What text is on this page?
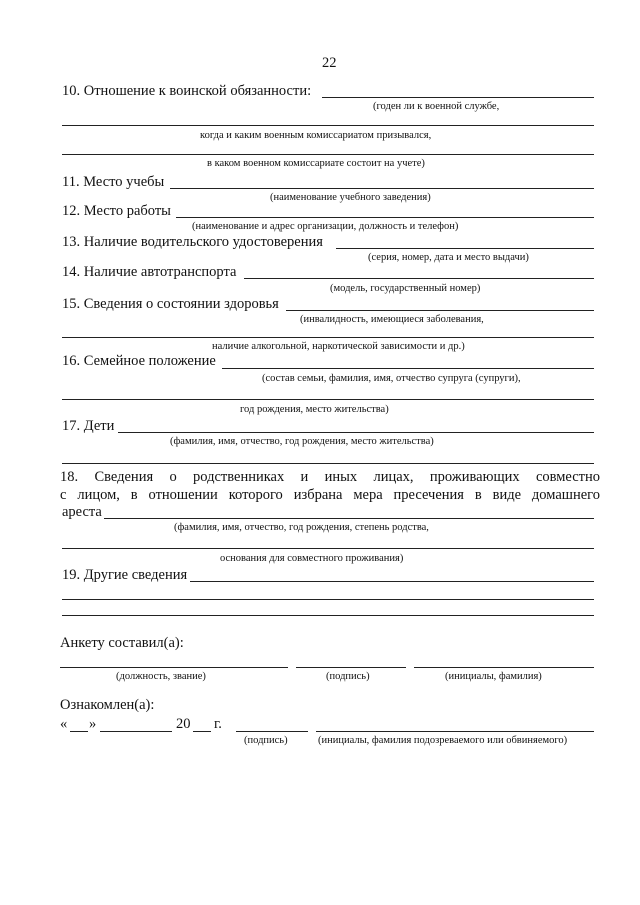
22
10. Отношение к воинской обязанности:
(годен ли к военной службе,
когда и каким военным комиссариатом призывался,
в каком военном комиссариате состоит на учете)
11. Место учебы
(наименование учебного заведения)
12. Место работы
(наименование и адрес организации, должность и телефон)
13. Наличие водительского удостоверения
(серия, номер, дата и место выдачи)
14. Наличие автотранспорта
(модель, государственный номер)
15. Сведения о состоянии здоровья
(инвалидность, имеющиеся заболевания,
наличие алкогольной, наркотической зависимости и др.)
16. Семейное положение
(состав семьи, фамилия, имя, отчество супруга (супруги),
год рождения, место жительства)
17. Дети
(фамилия, имя, отчество, год рождения, место жительства)
18. Сведения о родственниках и иных лицах, проживающих совместно
с лицом, в отношении которого избрана мера пресечения в виде домашнего
ареста
(фамилия, имя, отчество, год рождения, степень родства,
основания для совместного проживания)
19. Другие сведения
Анкету составил(а):
(должность, звание)	(подпись)	(инициалы, фамилия)
Ознакомлен(а):
« »	20 г.
(подпись)	(инициалы, фамилия подозреваемого или обвиняемого)
